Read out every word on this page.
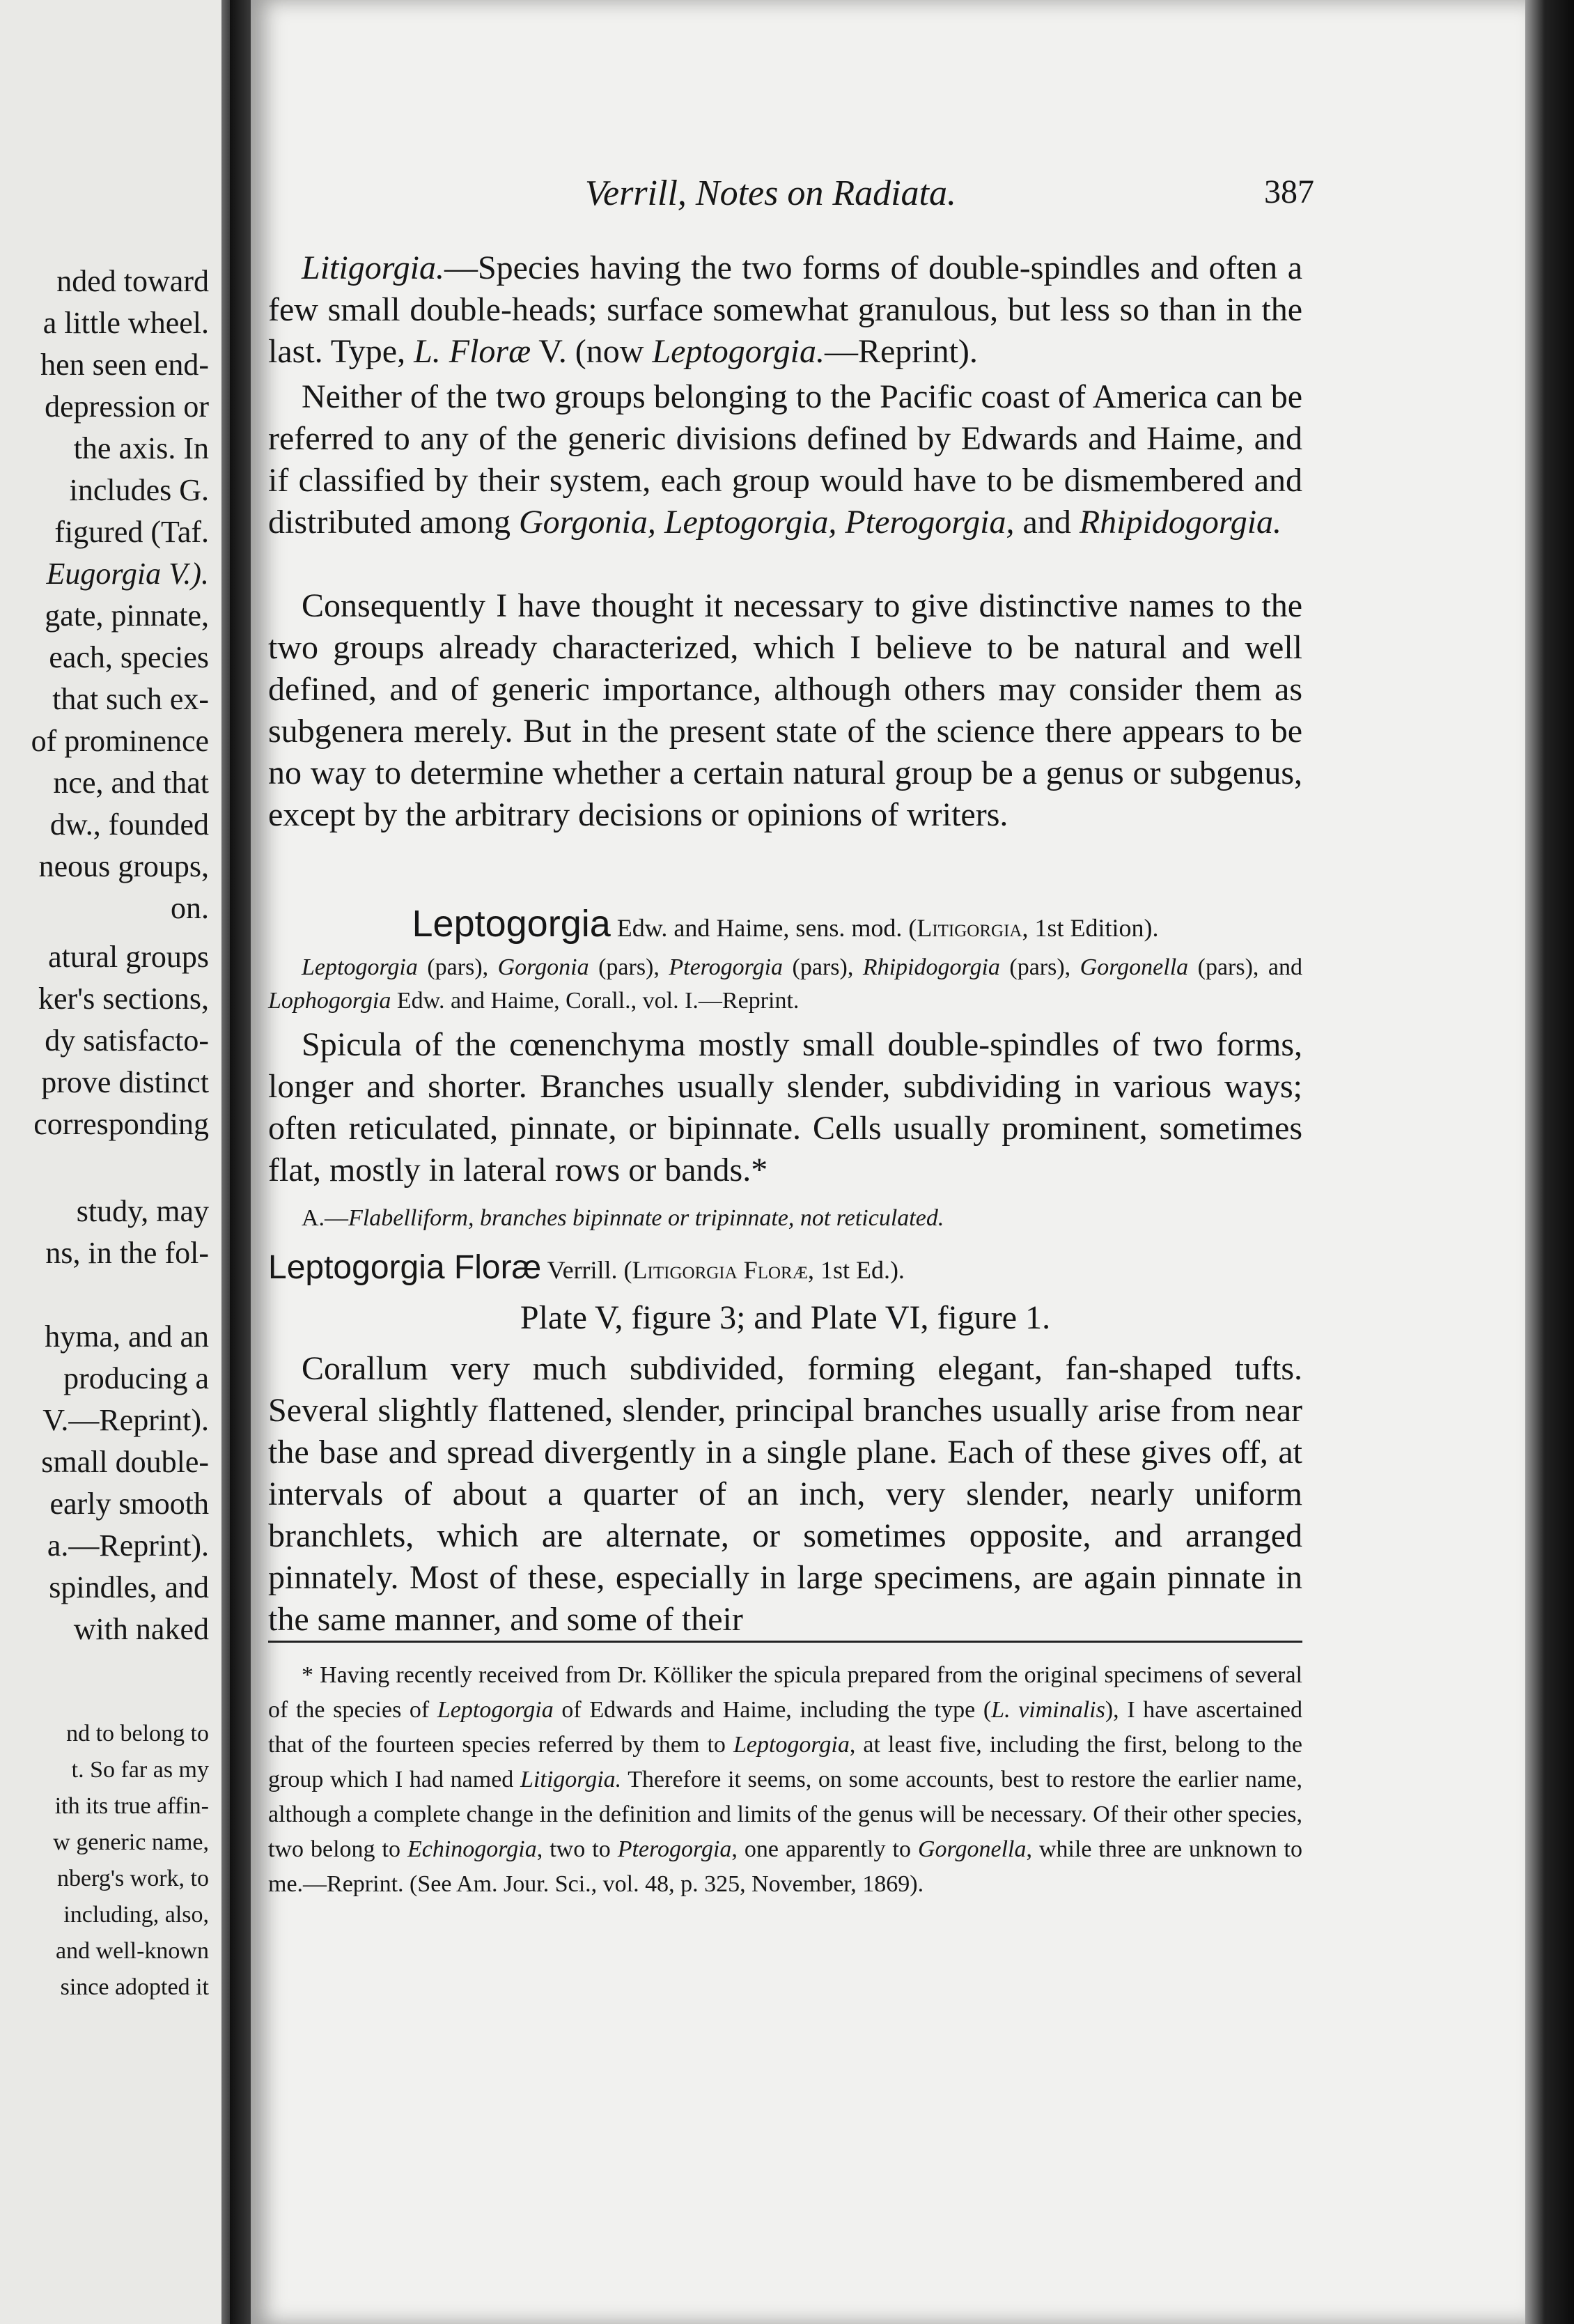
nded toward
a little wheel.
hen seen end-
depression or
the axis. In
includes G.
figured (Taf.
Eugorgia V.).
gate, pinnate,
each, species
that such ex-
of prominence
nce, and that
dw., founded
neous groups,
on.
atural groups
ker's sections,
dy satisfacto-
prove distinct
corresponding
study, may
ns, in the fol-
hyma, and an
producing a
V.—Reprint).
small double-
early smooth
a.—Reprint).
spindles, and
with naked
nd to belong to
t. So far as my
ith its true affin-
w generic name,
nberg's work, to
including, also,
and well-known
since adopted it
Verrill, Notes on Radiata.	387
Litigorgia.—Species having the two forms of double-spindles and often a few small double-heads; surface somewhat granulous, but less so than in the last. Type, L. Floræ V. (now Leptogorgia.—Reprint).
Neither of the two groups belonging to the Pacific coast of America can be referred to any of the generic divisions defined by Edwards and Haime, and if classified by their system, each group would have to be dismembered and distributed among Gorgonia, Leptogorgia, Pterogorgia, and Rhipidogorgia.
Consequently I have thought it necessary to give distinctive names to the two groups already characterized, which I believe to be natural and well defined, and of generic importance, although others may consider them as subgenera merely. But in the present state of the science there appears to be no way to determine whether a certain natural group be a genus or subgenus, except by the arbitrary decisions or opinions of writers.
Leptogorgia Edw. and Haime, sens. mod. (Litigorgia, 1st Edition).
Leptogorgia (pars), Gorgonia (pars), Pterogorgia (pars), Rhipidogorgia (pars), Gorgonella (pars), and Lophogorgia Edw. and Haime, Corall., vol. I.—Reprint.
Spicula of the cœnenchyma mostly small double-spindles of two forms, longer and shorter. Branches usually slender, subdividing in various ways; often reticulated, pinnate, or bipinnate. Cells usually prominent, sometimes flat, mostly in lateral rows or bands.*
A.—Flabelliform, branches bipinnate or tripinnate, not reticulated.
Leptogorgia Floræ Verrill. (Litigorgia Floræ, 1st Ed.).
Plate V, figure 3; and Plate VI, figure 1.
Corallum very much subdivided, forming elegant, fan-shaped tufts. Several slightly flattened, slender, principal branches usually arise from near the base and spread divergently in a single plane. Each of these gives off, at intervals of about a quarter of an inch, very slender, nearly uniform branchlets, which are alternate, or sometimes opposite, and arranged pinnately. Most of these, especially in large specimens, are again pinnate in the same manner, and some of their
* Having recently received from Dr. Kölliker the spicula prepared from the original specimens of several of the species of Leptogorgia of Edwards and Haime, including the type (L. viminalis), I have ascertained that of the fourteen species referred by them to Leptogorgia, at least five, including the first, belong to the group which I had named Litigorgia. Therefore it seems, on some accounts, best to restore the earlier name, although a complete change in the definition and limits of the genus will be necessary. Of their other species, two belong to Echinogorgia, two to Pterogorgia, one apparently to Gorgonella, while three are unknown to me.—Reprint. (See Am. Jour. Sci., vol. 48, p. 325, November, 1869).
